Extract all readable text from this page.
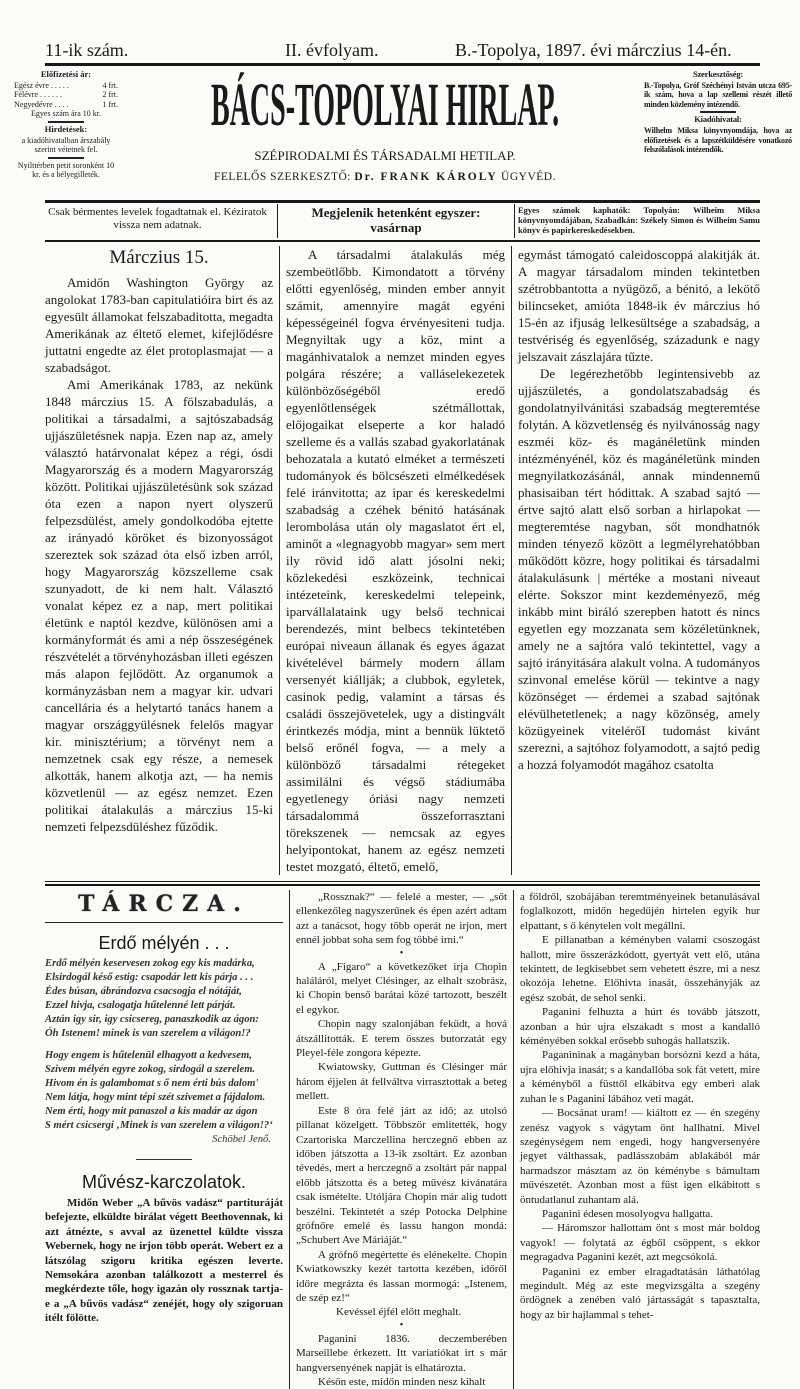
11-ik szám.	II. évfolyam.	B.-Topolya, 1897. évi márczius 14-én.
Előfizetési ár:
Egész évre . . . . .	4 frt.
Félévre . . . . . .	2 frt.
Negyedévre . . . .	1 frt.
Egyes szám ára 10 kr.
Hirdetések:
a kiadóhivatalban árszabály szerint vétetnek fel.
Nyilttérben petit soronként 10 kr. és a bélyegilleték.
BÁCS-TOPOLYAI HIRLAP.
SZÉPIRODALMI ÉS TÁRSADALMI HETILAP.
FELELŐS SZERKESZTŐ: Dr. FRANK KÁROLY ÜGYVÉD.
Szerkesztőség:
B.-Topolya, Gróf Széchényi István utcza 695-ik szám, hova a lap szellemi részét illető minden közlemény intézendő.
Kiadóhivatal:
Wilhelm Miksa könyvnyomdája, hova az előfizetések és a lapszétküldésére vonatkozó felszólalások intézendők.
Csak bérmentes levelek fogadtatnak el. Kéziratok vissza nem adatnak.
Megjelenik hetenként egyszer:
vasárnap
Egyes számok kaphatók: Topolyán: Wilheim Miksa könyvnyomdájában, Szabadkán: Székely Simon és Wilheim Samu könyv és papirkereskedésekben.
Márczius 15.

Amidőn Washington György az angolokat 1783-ban capitulatióira birt és az egyesült államokat felszabaditotta, megadta Amerikának az éltető elemet, kifejlődésre juttatni engedte az élet protoplasmajat — a szabadságot.

Ami Amerikának 1783, az nekünk 1848 márczius 15. A fölszabadulás, a politikai a társadalmi, a sajtószabadság ujjászületésnek napja. Ezen nap az, amely választó határvonalat képez a régi, ósdi Magyarország és a modern Magyarország között. Politikai ujjászületésünk sok század óta ezen a napon nyert olyszerű felpezsdülést, amely gondolkodóba ejtette az irányadó köröket és bizonyosságot szereztek sok század óta első izben arról, hogy Magyarország közszelleme csak szunyadott, de ki nem halt. Választó vonalat képez ez a nap, mert politikai életünk e naptól kezdve, különösen ami a kormányformát és ami a nép összeségének részvételét a törvényhozásban illeti egészen más alapon fejlődött. Az organumok a kormányzásban nem a magyar kir. udvari cancellária és a helytartó tanács hanem a magyar országgyülésnek felelős magyar kir. minisztérium; a törvényt nem a nemzetnek csak egy része, a nemesek alkották, hanem alkotja azt, — ha nemis közvetlenül — az egész nemzet. Ezen politikai átalakulás a márczius 15-ki nemzeti felpezsdüléshez fűződik.

A társadalmi átalakulás még szembeötlőbb. Kimondatott a törvény előtti egyenlőség, minden ember annyit számit, amennyire magát egyéni képességeinél fogva érvényesiteni tudja. Megnyiltak ugy a köz, mint a magánhivatalok a nemzet minden egyes polgára részére; a valláselekezetek különbözőségéből eredő egyenlőtlenségek szétmállottak, előjogaikat elseperte a kor haladó szelleme és a vallás szabad gyakorlatának behozatala a kutató elméket a természeti tudományok és bölcsészeti elmélkedések felé iránvitotta; az ipar és kereskedelmi szabadság a czéhek bénitó hatásának lerombolása után oly magaslatot ért el, aminőt a «legnagyobb magyar» sem mert ily rövid idő alatt jósolni neki; közlekedési eszközeink, technicai intézeteink, kereskedelmi telepeink, iparvállalataink ugy belső technicai berendezés, mint belbecs tekintetében európai niveaun állanak és egyes ágazat kivételével bármely modern állam versenyét kiállják; a clubbok, egyletek, casinok pedig, valamint a társas és családi összejövetelek, ugy a distingvált érintkezés módja, mint a bennük lüktető belső erőnél fogva, — a mely a különböző társadalmi rétegeket assimilálni és végső stádiumába egyetlenegy óriási nagy nemzeti társadalommá összeforrasztani törekszenek — nemcsak az egyes helyipontokat, hanem az egész nemzeti testet mozgató, éltető, emelő,

egymást támogató caleidoscoppá alakitják át. A magyar társadalom minden tekintetben szétrobbantotta a nyügöző, a bénitó, a lekötő bilincseket, amióta 1848-ik év márczius hó 15-én az ifjuság lelkesültsége a szabadság, a testvériség és egyenlőség, századunk e nagy jelszavait zászlajára tűzte.

De legérezhetőbb legintensivebb az ujjászületés, a gondolatszabadság és gondolatnyilvánitási szabadság megteremtése folytán. A közvetlenség és nyilvánosság nagy eszméi köz- és magánéletünk minden intézményénél, köz és magánéletünk minden megnyilatkozásánál, annak mindennemű phasisaiban tért hódittak. A szabad sajtó — értve sajtó alatt első sorban a hirlapokat — megteremtése nagyban, sőt mondhatnók minden tényező között a legmélyrehatóbban működött közre, hogy politikai és társadalmi átalakulásunk | mértéke a mostani niveaut elérte. Sokszor mint kezdeményező, még inkább mint biráló szerepben hatott és nincs egyetlen egy mozzanata sem közéletünknek, amely ne a sajtóra való tekintettel, vagy a sajtó irányitására alakult volna. A tudományos szinvonal emelése körül — tekintve a nagy közönséget — érdemei a szabad sajtónak elévülhetetlenek; a nagy közönség, amely közügyeinek vitelérőI tudomást kivánt szerezni, a sajtóhoz folyamodott, a sajtó pedig a hozzá folyamodót magához csatolta

TÁRCZA.
Erdő mélyén . . .
Erdő mélyén keservesen zokog egy kis madárka,
Elsirdogál késő estig: csapodár lett kis párja . . .
Édes búsan, ábrándozva csacsogja el nótáját,
Ezzel hivja, csalogatja hűtelenné lett párját.
Aztán igy sir, igy csicsereg, panaszkodik az ágon:
Óh Istenem! minek is van szerelem a világon!?
Hogy engem is hűtelenül elhagyott a kedvesem,
Szivem mélyén egyre zokog, sirdogál a szerelem.
Hivom én is galambomat s ő nem érti bús dalom'
Nem látja, hogy mint tépi szét szivemet a fájdalom.
Nem érti, hogy mit panaszol a kis madár az ágon
S mért csicsergi ‚Minek is van szerelem a világon!?‘
Schöbel Jenő.
Művész-karczolatok.

Midőn Weber „A bűvös vadász“ partituráját befejezte, elküldte birálat végett Beethovennak, ki azt átnézte, s avval az üzenettel küldte vissza Webernek, hogy ne irjon több operát. Webert ez a látszólag szigoru kritika egészen leverte. Nemsokára azonban találkozott a mesterrel és megkérdezte tőle, hogy igazán oly rossznak tartja-e a „A bűvös vadász“ zenéjét, hogy oly szigoruan itélt fölötte.

„Rossznak?“ — felelé a mester, — „sőt ellenkezőleg nagyszerűnek és épen azért adtam azt a tanácsot, hogy több operát ne irjon, mert ennél jobbat soha sem fog többé irni.“

•

A „Figaro“ a következőket irja Chopin haláláról, melyet Clésinger, az elhalt szobrász, ki Chopin benső barátai közé tartozott, beszélt el egykor.

Chopin nagy szalonjában feküdt, a hová átszállitották. E terem összes butorzatát egy Pleyel-féle zongora képezte.

Kwiatowsky, Guttman és Clésinger már három éjjelen át fellváltva virrasztottak a beteg mellett.

Este 8 óra felé járt az idő; az utolsó pillanat közelgett. Többször emlitették, hogy Czartoriska Marczellina herczegnő ebben az időben játszotta a 13-ik zsoltárt. Ez azonban tévedés, mert a herczegnő a zsoltárt pár nappal előbb játszotta és a beteg művész kivánatára csak ismételte. Utóljára Chopin már alig tudott beszélni. Tekintetét a szép Potocka Delphine grófnőre emelé és lassu hangon mondá: „Schubert Ave Máriáját.“

A grófnő megértette és elénekelte. Chopin Kwiatkowszky kezét tartotta kezében, időről időre megrázta és lassan mormogá: „Istenem, de szép ez!“

Kevéssel éjfél előtt meghalt.

•

Paganini 1836. deczemberében Marseillebe érkezett. Itt variatiókat irt s már hangversenyének napját is elhatározta.

Későn este, midőn minden nesz kihalt

a földről, szobájában teremtményeinek betanulásával foglalkozott, midőn hegedűjén hirtelen egyik hur elpattant, s ő kénytelen volt megállni.

E pillanatban a kéményben valami csoszogást hallott, mire összerázkódott, gyertyát vett elő, utána tekintett, de legkisebbet sem vehetett észre, mi a nesz okozója lehetne. Előhivta inasát, összehányják az egész szobát, de sehol senki.

Paganini felhuzta a húrt és tovább játszott, azonban a húr ujra elszakadt s most a kandalló kéményében sokkal erősebb suhogás hallatszik.

Paganininak a magányban borsózni kezd a háta, ujra előhivja inasát; s a kandallóba sok fát vetett, mire a kéményből a füsttől elkábitva egy emberi alak zuhan le s Paganini lábához veti magát.

— Bocsánat uram! — kiáltott ez — én szegény zenész vagyok s vágytam önt hallhatni. Mivel szegénységem nem engedi, hogy hangversenyére jegyet válthassak, padlásszobám ablakából már harmadszor másztam az ön kéménybe s bámultam művészetét. Azonban most a füst igen elkábitott s öntudatlanul zuhantam alá.

Paganini édesen mosolyogva hallgatta.

— Háromszor hallottam önt s most már boldog vagyok! — folytatá az égből csöppent, s ekkor megragadva Paganini kezét, azt megcsókolá.

Paganini ez ember elragadtatásán láthatólag megindult. Még az este megvizsgálta a szegény ördögnek a zenében való jártasságát s tapasztalta, hogy az bir hajlammal s tehet-
